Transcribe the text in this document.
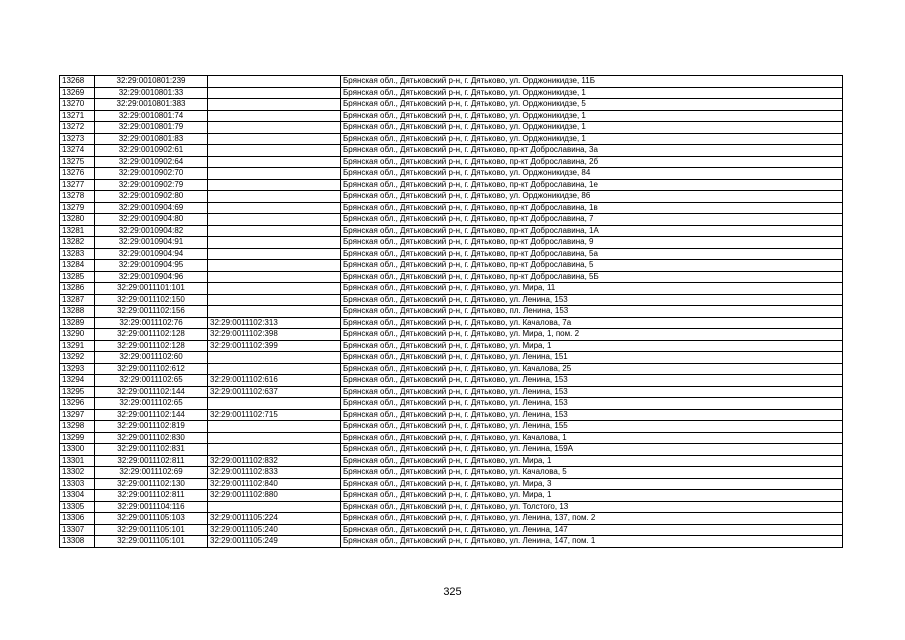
13268	32:29:0010801:239		Брянская обл., Дятьковский р-н, г. Дятьково, ул. Орджоникидзе, 11Б
13269	32:29:0010801:33		Брянская обл., Дятьковский р-н, г. Дятьково, ул. Орджоникидзе, 1
13270	32:29:0010801:383		Брянская обл., Дятьковский р-н, г. Дятьково, ул. Орджоникидзе, 5
13271	32:29:0010801:74		Брянская обл., Дятьковский р-н, г. Дятьково, ул. Орджоникидзе, 1
13272	32:29:0010801:79		Брянская обл., Дятьковский р-н, г. Дятьково, ул. Орджоникидзе, 1
13273	32:29:0010801:83		Брянская обл., Дятьковский р-н, г. Дятьково, ул. Орджоникидзе, 1
13274	32:29:0010902:61		Брянская обл., Дятьковский р-н, г. Дятьково, пр-кт Доброславина, 3а
13275	32:29:0010902:64		Брянская обл., Дятьковский р-н, г. Дятьково, пр-кт Доброславина, 2б
13276	32:29:0010902:70		Брянская обл., Дятьковский р-н, г. Дятьково, ул. Орджоникидзе, 84
13277	32:29:0010902:79		Брянская обл., Дятьковский р-н, г. Дятьково, пр-кт Доброславина, 1е
13278	32:29:0010902:80		Брянская обл., Дятьковский р-н, г. Дятьково, ул. Орджоникидзе, 86
13279	32:29:0010904:69		Брянская обл., Дятьковский р-н, г. Дятьково, пр-кт Доброславина, 1в
13280	32:29:0010904:80		Брянская обл., Дятьковский р-н, г. Дятьково, пр-кт Доброславина, 7
13281	32:29:0010904:82		Брянская обл., Дятьковский р-н, г. Дятьково, пр-кт Доброславина, 1А
13282	32:29:0010904:91		Брянская обл., Дятьковский р-н, г. Дятьково, пр-кт Доброславина, 9
13283	32:29:0010904:94		Брянская обл., Дятьковский р-н, г. Дятьково, пр-кт Доброславина, 5а
13284	32:29:0010904:95		Брянская обл., Дятьковский р-н, г. Дятьково, пр-кт Доброславина, 5
13285	32:29:0010904:96		Брянская обл., Дятьковский р-н, г. Дятьково, пр-кт Доброславина, 5Б
13286	32:29:0011101:101		Брянская обл., Дятьковский р-н, г. Дятьково, ул. Мира, 11
13287	32:29:0011102:150		Брянская обл., Дятьковский р-н, г. Дятьково, ул. Ленина, 153
13288	32:29:0011102:156		Брянская обл., Дятьковский р-н, г. Дятьково, пл. Ленина, 153
13289	32:29:0011102:76	32:29:0011102:313	Брянская обл., Дятьковский р-н, г. Дятьково, ул. Качалова, 7а
13290	32:29:0011102:128	32:29:0011102:398	Брянская обл., Дятьковский р-н, г. Дятьково, ул. Мира, 1, пом. 2
13291	32:29:0011102:128	32:29:0011102:399	Брянская обл., Дятьковский р-н, г. Дятьково, ул. Мира, 1
13292	32:29:0011102:60		Брянская обл., Дятьковский р-н, г. Дятьково, ул. Ленина, 151
13293	32:29:0011102:612		Брянская обл., Дятьковский р-н, г. Дятьково, ул. Качалова, 25
13294	32:29:0011102:65	32:29:0011102:616	Брянская обл., Дятьковский р-н, г. Дятьково, ул. Ленина, 153
13295	32:29:0011102:144	32:29:0011102:637	Брянская обл., Дятьковский р-н, г. Дятьково, ул. Ленина, 153
13296	32:29:0011102:65		Брянская обл., Дятьковский р-н, г. Дятьково, ул. Ленина, 153
13297	32:29:0011102:144	32:29:0011102:715	Брянская обл., Дятьковский р-н, г. Дятьково, ул. Ленина, 153
13298	32:29:0011102:819		Брянская обл., Дятьковский р-н, г. Дятьково, ул. Ленина, 155
13299	32:29:0011102:830		Брянская обл., Дятьковский р-н, г. Дятьково, ул. Качалова, 1
13300	32:29:0011102:831		Брянская обл., Дятьковский р-н, г. Дятьково, ул. Ленина, 159А
13301	32:29:0011102:811	32:29:0011102:832	Брянская обл., Дятьковский р-н, г. Дятьково, ул. Мира, 1
13302	32:29:0011102:69	32:29:0011102:833	Брянская обл., Дятьковский р-н, г. Дятьково, ул. Качалова, 5
13303	32:29:0011102:130	32:29:0011102:840	Брянская обл., Дятьковский р-н, г. Дятьково, ул. Мира, 3
13304	32:29:0011102:811	32:29:0011102:880	Брянская обл., Дятьковский р-н, г. Дятьково, ул. Мира, 1
13305	32:29:0011104:116		Брянская обл., Дятьковский р-н, г. Дятьково, ул. Толстого, 13
13306	32:29:0011105:103	32:29:0011105:224	Брянская обл., Дятьковский р-н, г. Дятьково, ул. Ленина, 137, пом. 2
13307	32:29:0011105:101	32:29:0011105:240	Брянская обл., Дятьковский р-н, г. Дятьково, ул. Ленина, 147
13308	32:29:0011105:101	32:29:0011105:249	Брянская обл., Дятьковский р-н, г. Дятьково, ул. Ленина, 147, пом. 1
325
